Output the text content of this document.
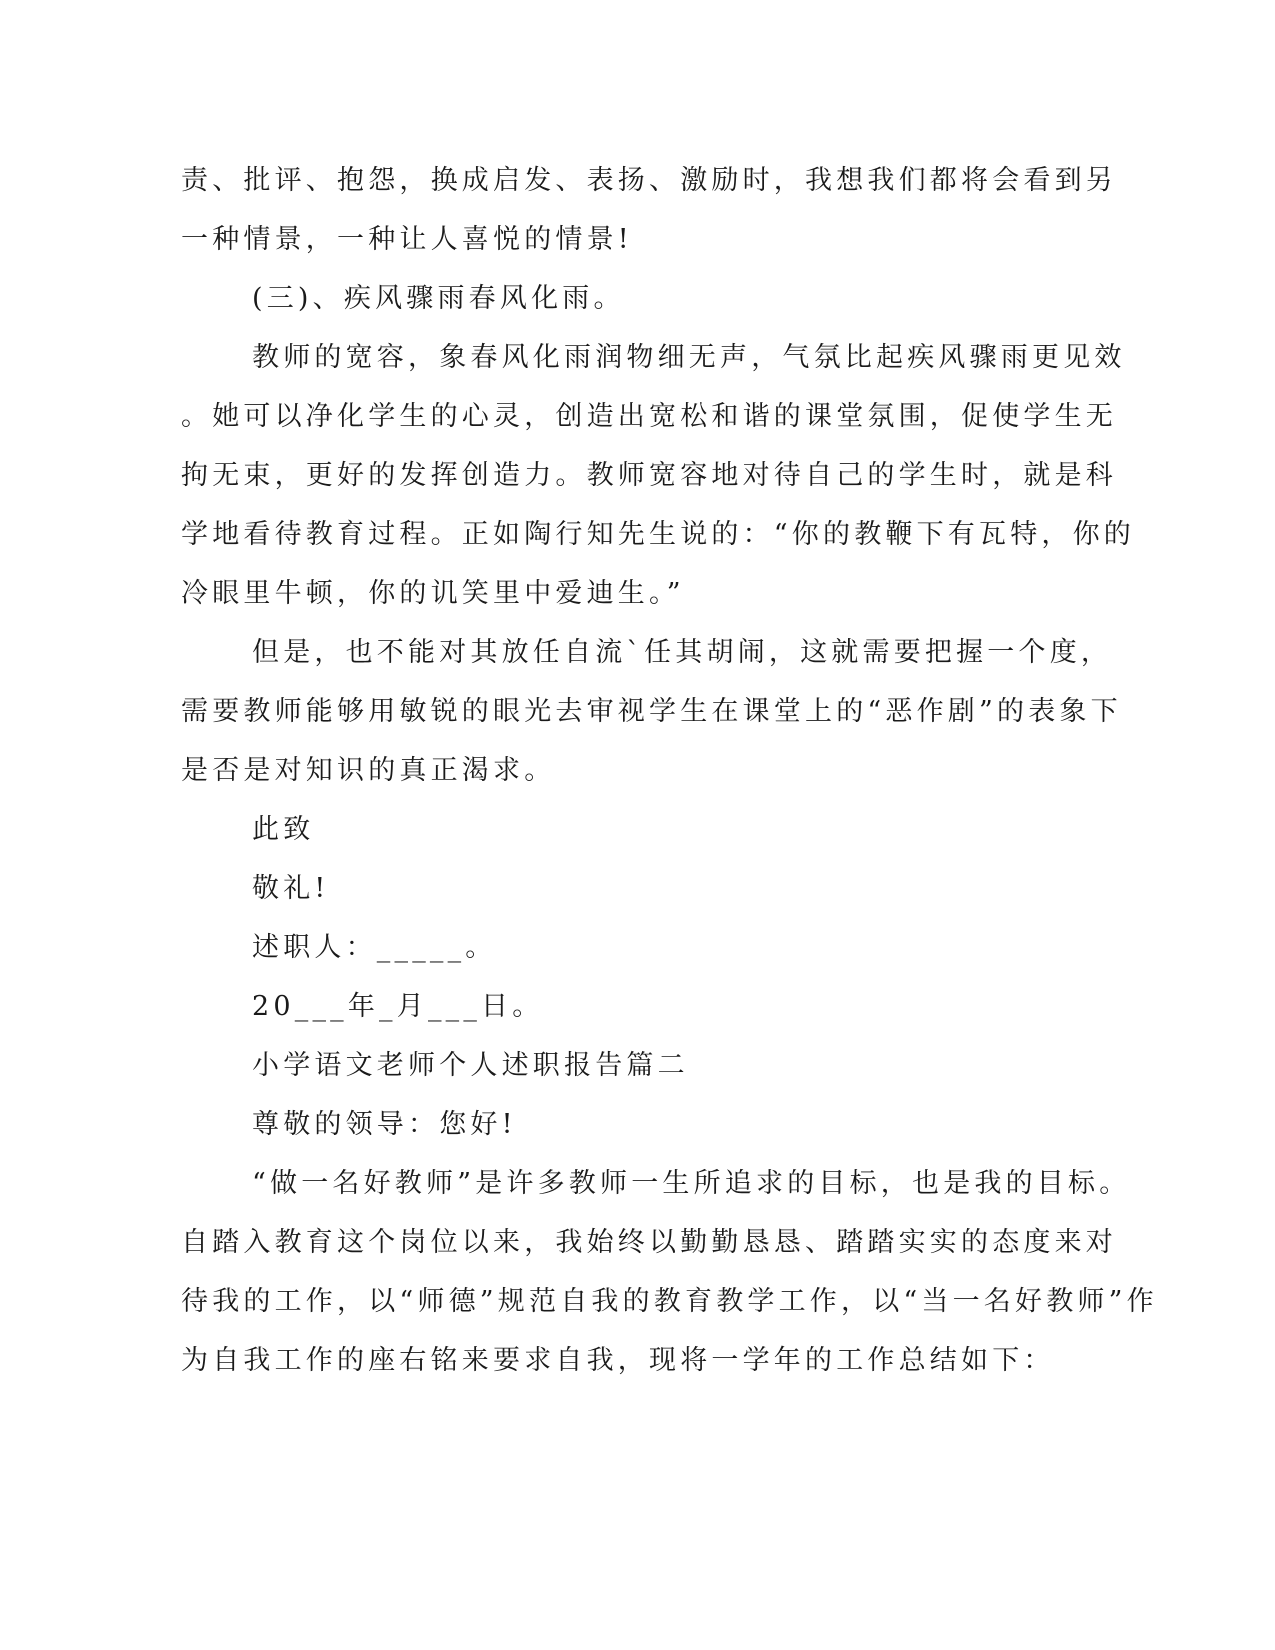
责、批评、抱怨，换成启发、表扬、激励时，我想我们都将会看到另
一种情景，一种让人喜悦的情景!
(三)、疾风骤雨春风化雨。
教师的宽容，象春风化雨润物细无声，气氛比起疾风骤雨更见效
。她可以净化学生的心灵，创造出宽松和谐的课堂氛围，促使学生无
拘无束，更好的发挥创造力。教师宽容地对待自己的学生时，就是科
学地看待教育过程。正如陶行知先生说的：“你的教鞭下有瓦特，你的
冷眼里牛顿，你的讥笑里中爱迪生。”
但是，也不能对其放任自流`任其胡闹，这就需要把握一个度，
需要教师能够用敏锐的眼光去审视学生在课堂上的“恶作剧”的表象下
是否是对知识的真正渴求。
此致
敬礼!
述职人：_____。
20___年_月___日。
小学语文老师个人述职报告篇二
尊敬的领导：您好!
“做一名好教师”是许多教师一生所追求的目标，也是我的目标。
自踏入教育这个岗位以来，我始终以勤勤恳恳、踏踏实实的态度来对
待我的工作，以“师德”规范自我的教育教学工作，以“当一名好教师”作
为自我工作的座右铭来要求自我，现将一学年的工作总结如下：
